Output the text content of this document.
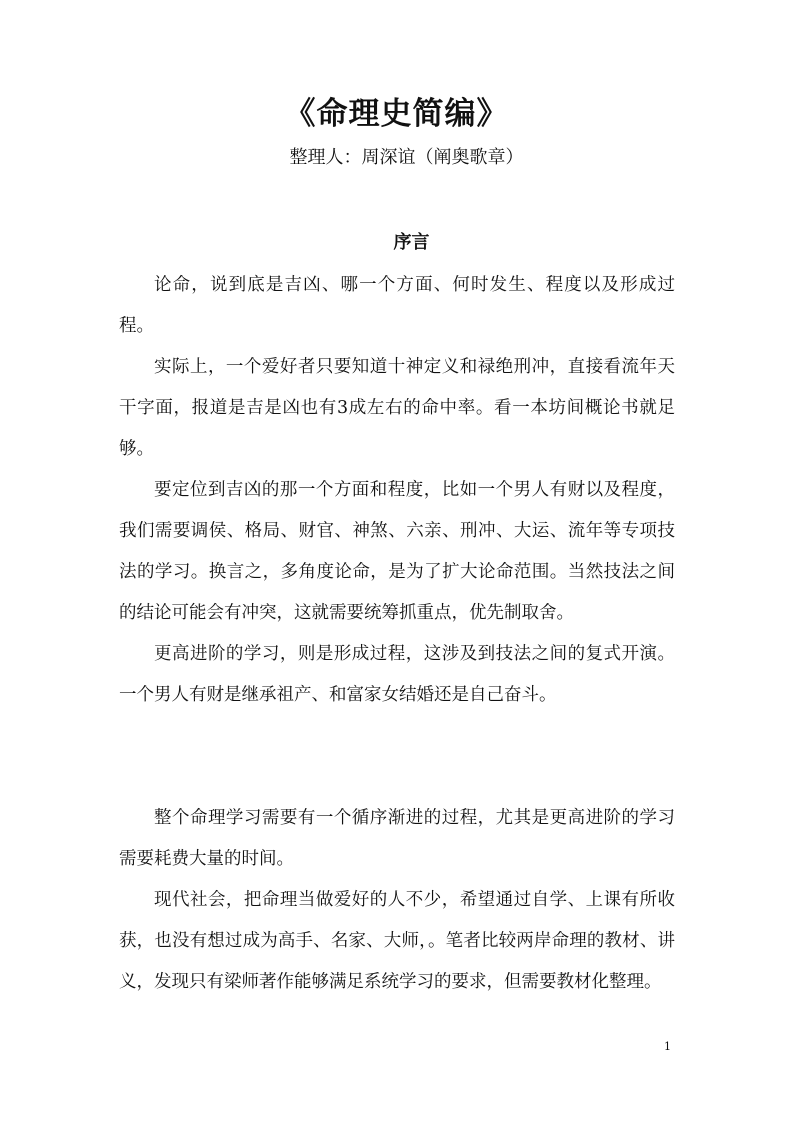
《命理史简编》
整理人：周深谊（阐奥歌章）
序言

论命，说到底是吉凶、哪一个方面、何时发生、程度以及形成过程。

实际上，一个爱好者只要知道十神定义和禄绝刑冲，直接看流年天干字面，报道是吉是凶也有3成左右的命中率。看一本坊间概论书就足够。

要定位到吉凶的那一个方面和程度，比如一个男人有财以及程度，我们需要调侯、格局、财官、神煞、六亲、刑冲、大运、流年等专项技法的学习。换言之，多角度论命，是为了扩大论命范围。当然技法之间的结论可能会有冲突，这就需要统筹抓重点，优先制取舍。

更高进阶的学习，则是形成过程，这涉及到技法之间的复式开演。一个男人有财是继承祖产、和富家女结婚还是自己奋斗。

整个命理学习需要有一个循序渐进的过程，尤其是更高进阶的学习需要耗费大量的时间。

现代社会，把命理当做爱好的人不少，希望通过自学、上课有所收获，也没有想过成为高手、名家、大师，。笔者比较两岸命理的教材、讲义，发现只有梁师著作能够满足系统学习的要求，但需要教材化整理。

1
